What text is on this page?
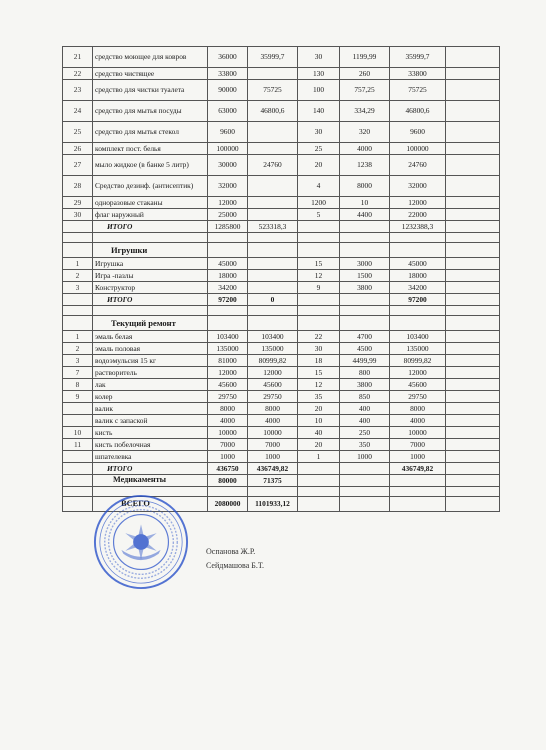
21	средство моющее для ковров	36000	35999,7	30	1199,99	35999,7	
22	средство чистящее	33800		130	260	33800	
23	средство для чистки туалета	90000	75725	100	757,25	75725	
24	средство для мытья посуды	63000	46800,6	140	334,29	46800,6	
25	средство для мытья стекол	9600		30	320	9600	
26	комплект пост. белья	100000		25	4000	100000	
27	мыло жидкое (в банке 5 литр)	30000	24760	20	1238	24760	
28	Средство дезинф. (антисептик)	32000		4	8000	32000	
29	одноразовые стаканы	12000		1200	10	12000	
30	флаг наружный	25000		5	4400	22000	
	ИТОГО	1285800	523318,3			1232388,3	

	Игрушки						
1	Игрушка	45000		15	3000	45000	
2	Игра -пазлы	18000		12	1500	18000	
3	Конструктор	34200		9	3800	34200	
	ИТОГО	97200	0			97200	

	Текущий ремонт						
1	эмаль белая	103400	103400	22	4700	103400	
2	эмаль половая	135000	135000	30	4500	135000	
3	водоэмульсия 15 кг	81000	80999,82	18	4499,99	80999,82	
7	растворитель	12000	12000	15	800	12000	
8	лак	45600	45600	12	3800	45600	
9	колер	29750	29750	35	850	29750	
	валик	8000	8000	20	400	8000	
	валик с запаской	4000	4000	10	400	4000	
10	кисть	10000	10000	40	250	10000	
11	кисть побелочная	7000	7000	20	350	7000	
	шпателевка	1000	1000	1	1000	1000	
	ИТОГО	436750	436749,82			436749,82	
	Медикаменты	80000	71375				

	ВСЕГО	2080000	1101933,12				
Оспанова Ж.Р.
Сейдмашова Б.Т.
